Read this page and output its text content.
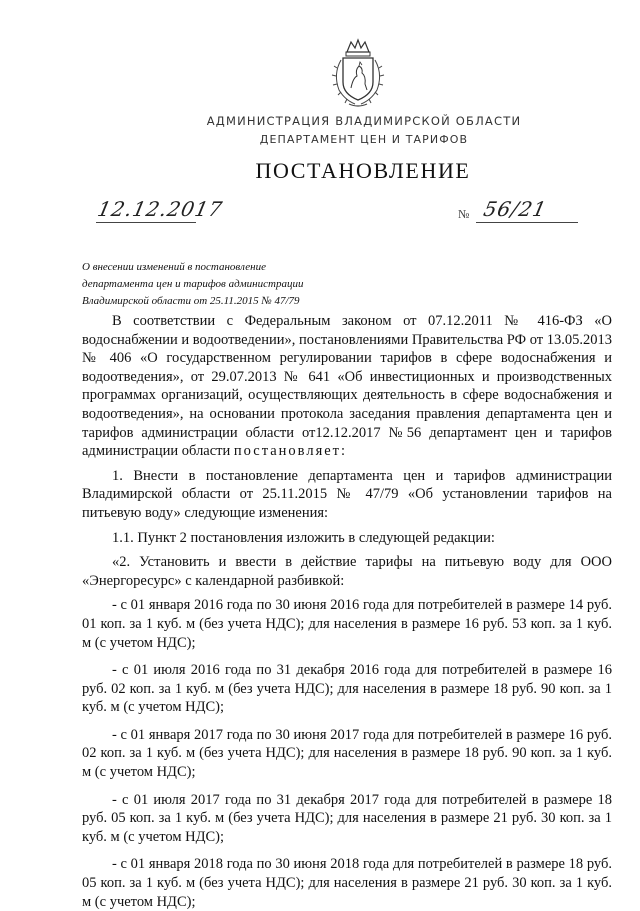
АДМИНИСТРАЦИЯ ВЛАДИМИРСКОЙ ОБЛАСТИ
ДЕПАРТАМЕНТ ЦЕН И ТАРИФОВ
ПОСТАНОВЛЕНИЕ
12.12.2017	№ 56/21
О внесении изменений в постановление
департамента цен и тарифов администрации
Владимирской области от 25.11.2015 № 47/79

В соответствии с Федеральным законом от 07.12.2011 № 416-ФЗ «О водоснабжении и водоотведении», постановлениями Правительства РФ от 13.05.2013 № 406 «О государственном регулировании тарифов в сфере водоснабжения и водоотведения», от 29.07.2013 № 641 «Об инвестиционных и производственных программах организаций, осуществляющих деятельность в сфере водоснабжения и водоотведения», на основании протокола заседания правления департамента цен и тарифов администрации области от12.12.2017 №56 департамент цен и тарифов администрации области постановляет:

1. Внести в постановление департамента цен и тарифов администрации Владимирской области от 25.11.2015 № 47/79 «Об установлении тарифов на питьевую воду» следующие изменения:

1.1. Пункт 2 постановления изложить в следующей редакции:

«2. Установить и ввести в действие тарифы на питьевую воду для ООО «Энергоресурс» с календарной разбивкой:

- с 01 января 2016 года по 30 июня 2016 года для потребителей в размере 14 руб. 01 коп. за 1 куб. м (без учета НДС); для населения в размере 16 руб. 53 коп. за 1 куб. м (с учетом НДС);

- с 01 июля 2016 года по 31 декабря 2016 года для потребителей в размере 16 руб. 02 коп. за 1 куб. м (без учета НДС); для населения в размере 18 руб. 90 коп. за 1 куб. м (с учетом НДС);

- с 01 января 2017 года по 30 июня 2017 года для потребителей в размере 16 руб. 02 коп. за 1 куб. м (без учета НДС); для населения в размере 18 руб. 90 коп. за 1 куб. м (с учетом НДС);

- с 01 июля 2017 года по 31 декабря 2017 года для потребителей в размере 18 руб. 05 коп. за 1 куб. м (без учета НДС); для населения в размере 21 руб. 30 коп. за 1 куб. м (с учетом НДС);

- с 01 января 2018 года по 30 июня 2018 года для потребителей в размере 18 руб. 05 коп. за 1 куб. м (без учета НДС); для населения в размере 21 руб. 30 коп. за 1 куб. м (с учетом НДС);
